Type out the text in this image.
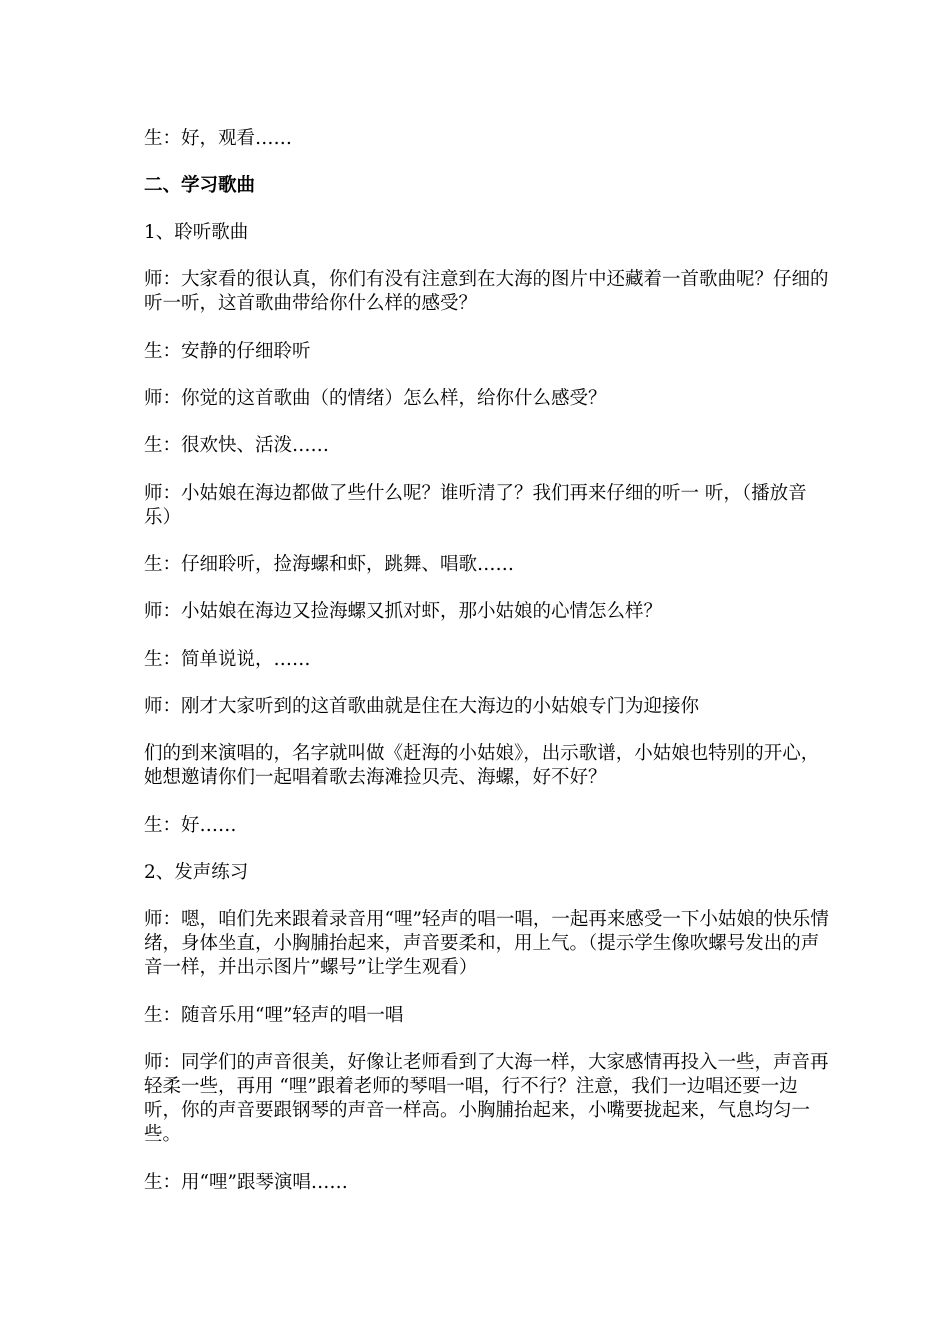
生：好，观看……

二、学习歌曲

1、聆听歌曲

师：大家看的很认真，你们有没有注意到在大海的图片中还藏着一首歌曲呢？仔细的听一听，这首歌曲带给你什么样的感受？

生：安静的仔细聆听

师：你觉的这首歌曲（的情绪）怎么样，给你什么感受？

生：很欢快、活泼……

师：小姑娘在海边都做了些什么呢？谁听清了？我们再来仔细的听一 听，（播放音乐）

生：仔细聆听，捡海螺和虾，跳舞、唱歌……

师：小姑娘在海边又捡海螺又抓对虾，那小姑娘的心情怎么样？

生：简单说说，……

师：刚才大家听到的这首歌曲就是住在大海边的小姑娘专门为迎接你

们的到来演唱的，名字就叫做《赶海的小姑娘》，出示歌谱，小姑娘也特别的开心，她想邀请你们一起唱着歌去海滩捡贝壳、海螺，好不好？

生：好……

2、发声练习

师：嗯，咱们先来跟着录音用“哩”轻声的唱一唱，一起再来感受一下小姑娘的快乐情绪，身体坐直，小胸脯抬起来，声音要柔和，用上气。（提示学生像吹螺号发出的声音一样，并出示图片”螺号”让学生观看）

生：随音乐用“哩”轻声的唱一唱

师：同学们的声音很美，好像让老师看到了大海一样，大家感情再投入一些，声音再轻柔一些，再用 “哩”跟着老师的琴唱一唱，行不行？注意，我们一边唱还要一边听，你的声音要跟钢琴的声音一样高。小胸脯抬起来，小嘴要拢起来，气息均匀一些。

生：用“哩”跟琴演唱……
